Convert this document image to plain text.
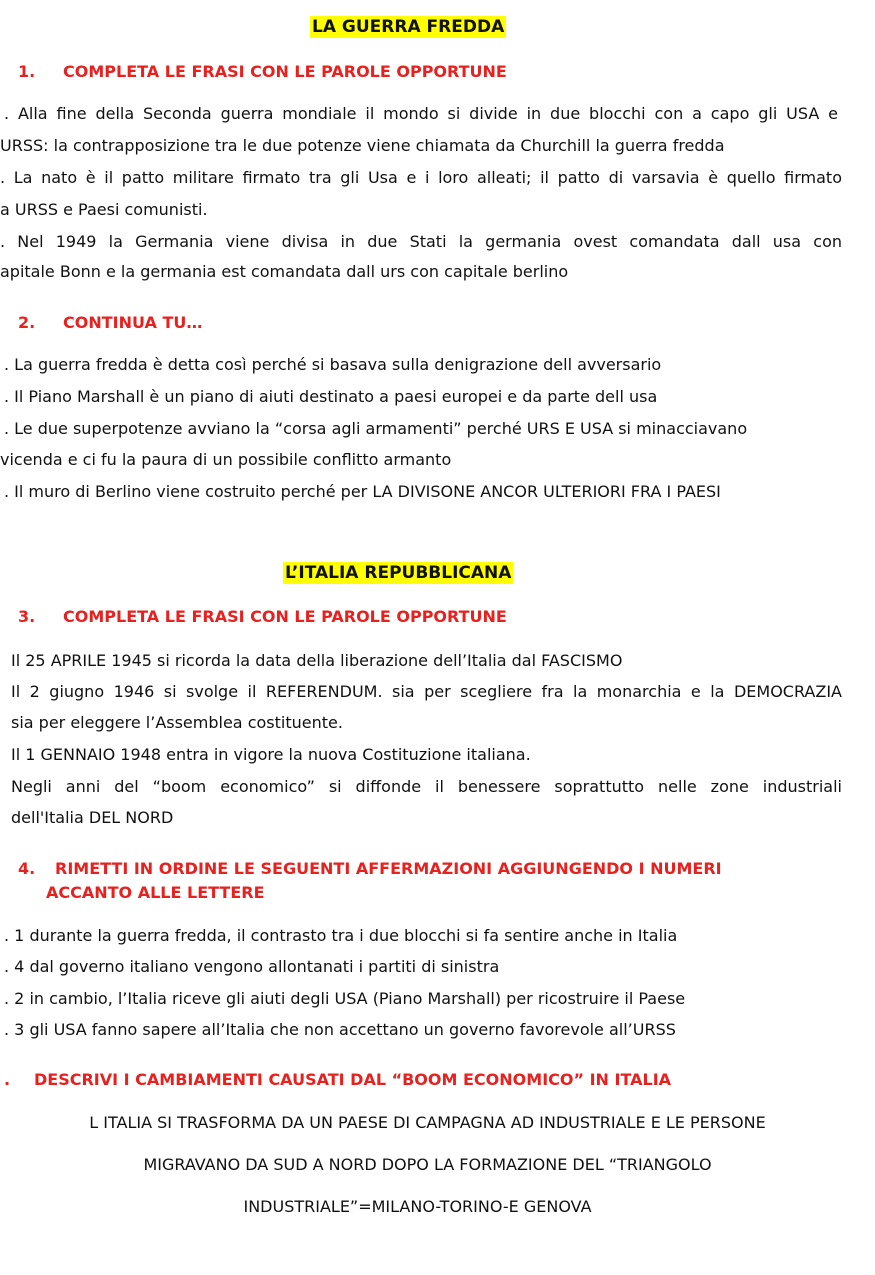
LA GUERRA FREDDA
1. COMPLETA LE FRASI CON LE PAROLE OPPORTUNE
. Alla fine della Seconda guerra mondiale il mondo si divide in due blocchi con a capo gli USA e
URSS: la contrapposizione tra le due potenze viene chiamata da Churchill la guerra fredda
. La nato è il patto militare firmato tra gli Usa e i loro alleati; il patto di varsavia è quello firmato
a URSS e Paesi comunisti.
. Nel 1949 la Germania viene divisa in due Stati la germania ovest comandata dall usa con
apitale Bonn e la germania est comandata dall urs con capitale berlino
2. CONTINUA TU…
. La guerra fredda è detta così perché si basava sulla denigrazione dell avversario
. Il Piano Marshall è un piano di aiuti destinato a paesi europei e da parte dell usa
. Le due superpotenze avviano la “corsa agli armamenti” perché URS E USA si minacciavano
vicenda e ci fu la paura di un possibile conflitto armanto
. Il muro di Berlino viene costruito perché per LA DIVISONE ANCOR ULTERIORI FRA I PAESI
L’ITALIA REPUBBLICANA
3. COMPLETA LE FRASI CON LE PAROLE OPPORTUNE
Il 25 APRILE 1945 si ricorda la data della liberazione dell’Italia dal FASCISMO
Il 2 giugno 1946 si svolge il REFERENDUM. sia per scegliere fra la monarchia e la DEMOCRAZIA
sia per eleggere l’Assemblea costituente.
Il 1 GENNAIO 1948 entra in vigore la nuova Costituzione italiana.
Negli anni del “boom economico” si diffonde il benessere soprattutto nelle zone industriali
dell'Italia DEL NORD
4. RIMETTI IN ORDINE LE SEGUENTI AFFERMAZIONI AGGIUNGENDO I NUMERI
ACCANTO ALLE LETTERE
. 1 durante la guerra fredda, il contrasto tra i due blocchi si fa sentire anche in Italia
. 4 dal governo italiano vengono allontanati i partiti di sinistra
. 2 in cambio, l’Italia riceve gli aiuti degli USA (Piano Marshall) per ricostruire il Paese
. 3 gli USA fanno sapere all’Italia che non accettano un governo favorevole all’URSS
. DESCRIVI I CAMBIAMENTI CAUSATI DAL “BOOM ECONOMICO” IN ITALIA
L ITALIA SI TRASFORMA DA UN PAESE DI CAMPAGNA AD INDUSTRIALE E LE PERSONE
MIGRAVANO DA SUD A NORD DOPO LA FORMAZIONE DEL “TRIANGOLO
INDUSTRIALE”=MILANO-TORINO-E GENOVA
